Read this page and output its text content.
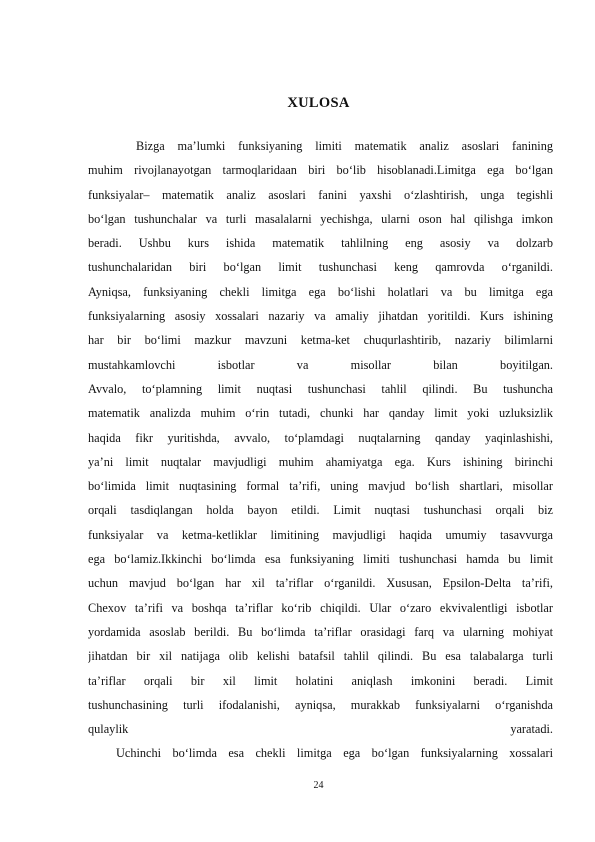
XULOSA
Bizga ma’lumki funksiyaning limiti matematik analiz asoslari fanining
muhim rivojlanayotgan tarmoqlaridaan biri bo‘lib hisoblanadi.Limitga ega bo‘lgan
funksiyalar– matematik analiz asoslari fanini yaxshi o‘zlashtirish, unga tegishli
bo‘lgan tushunchalar va turli masalalarni yechishga, ularni oson hal qilishga imkon
beradi. Ushbu kurs ishida matematik tahlilning eng asosiy va dolzarb
tushunchalaridan biri bo‘lgan limit tushunchasi keng qamrovda o‘rganildi.
Ayniqsa, funksiyaning chekli limitga ega bo‘lishi holatlari va bu limitga ega
funksiyalarning asosiy xossalari nazariy va amaliy jihatdan yoritildi. Kurs ishining
har bir bo‘limi mazkur mavzuni ketma-ket chuqurlashtirib, nazariy bilimlarni
mustahkamlovchi isbotlar va misollar bilan boyitilgan.
Avvalo, to‘plamning limit nuqtasi tushunchasi tahlil qilindi. Bu tushuncha
matematik analizda muhim o‘rin tutadi, chunki har qanday limit yoki uzluksizlik
haqida fikr yuritishda, avvalo, to‘plamdagi nuqtalarning qanday yaqinlashishi,
ya’ni limit nuqtalar mavjudligi muhim ahamiyatga ega. Kurs ishining birinchi
bo‘limida limit nuqtasining formal ta’rifi, uning mavjud bo‘lish shartlari, misollar
orqali tasdiqlangan holda bayon etildi. Limit nuqtasi tushunchasi orqali biz
funksiyalar va ketma-ketliklar limitining mavjudligi haqida umumiy tasavvurga
ega bo‘lamiz.Ikkinchi bo‘limda esa funksiyaning limiti tushunchasi hamda bu limit
uchun mavjud bo‘lgan har xil ta’riflar o‘rganildi. Xususan, Epsilon-Delta ta’rifi,
Chexov ta’rifi va boshqa ta’riflar ko‘rib chiqildi. Ular o‘zaro ekvivalentligi isbotlar
yordamida asoslab berildi. Bu bo‘limda ta’riflar orasidagi farq va ularning mohiyat
jihatdan bir xil natijaga olib kelishi batafsil tahlil qilindi. Bu esa talabalarga turli
ta’riflar orqali bir xil limit holatini aniqlash imkonini beradi. Limit
tushunchasining turli ifodalanishi, ayniqsa, murakkab funksiyalarni o‘rganishda
qulaylik yaratadi.
Uchinchi bo‘limda esa chekli limitga ega bo‘lgan funksiyalarning xossalari
24
